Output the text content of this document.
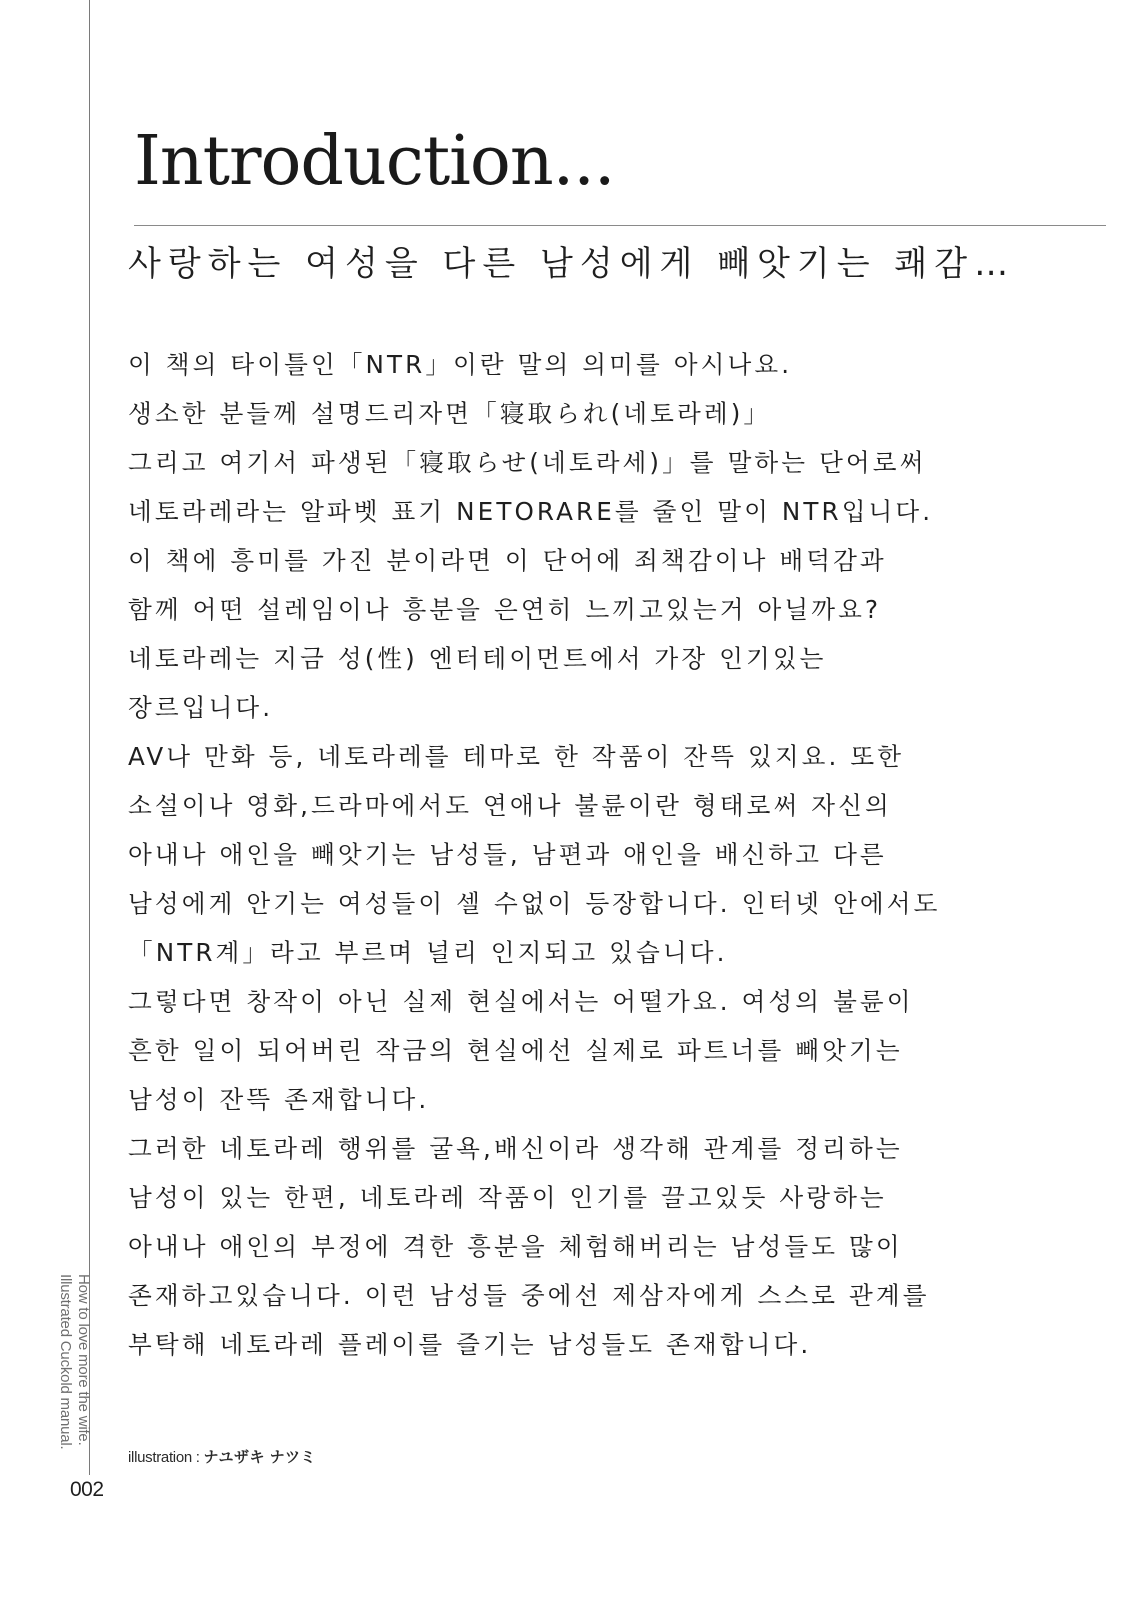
Introduction...
사랑하는 여성을 다른 남성에게 빼앗기는 쾌감…
이 책의 타이틀인「NTR」이란 말의 의미를 아시나요.
생소한 분들께 설명드리자면「寝取られ(네토라레)」
그리고 여기서 파생된「寝取らせ(네토라세)」를 말하는 단어로써
네토라레라는 알파벳 표기 NETORARE를 줄인 말이 NTR입니다.
이 책에 흥미를 가진 분이라면 이 단어에 죄책감이나 배덕감과
함께 어떤 설레임이나 흥분을 은연히 느끼고있는거 아닐까요?
네토라레는 지금 성(性) 엔터테이먼트에서 가장 인기있는
장르입니다.
AV나 만화 등, 네토라레를 테마로 한 작품이 잔뜩 있지요. 또한
소설이나 영화,드라마에서도 연애나 불륜이란 형태로써 자신의
아내나 애인을 빼앗기는 남성들, 남편과 애인을 배신하고 다른
남성에게 안기는 여성들이 셀 수없이 등장합니다. 인터넷 안에서도
「NTR계」라고 부르며 널리 인지되고 있습니다.
그렇다면 창작이 아닌 실제 현실에서는 어떨가요. 여성의 불륜이
흔한 일이 되어버린 작금의 현실에선 실제로 파트너를 빼앗기는
남성이 잔뜩 존재합니다.
그러한 네토라레 행위를 굴욕,배신이라 생각해 관계를 정리하는
남성이 있는 한편, 네토라레 작품이 인기를 끌고있듯 사랑하는
아내나 애인의 부정에 격한 흥분을 체험해버리는 남성들도 많이
존재하고있습니다. 이런 남성들 중에선 제삼자에게 스스로 관계를
부탁해 네토라레 플레이를 즐기는 남성들도 존재합니다.
How to love more the wife.
Illustrated Cuckold manual.
illustration : ナユザキ ナツミ
002
